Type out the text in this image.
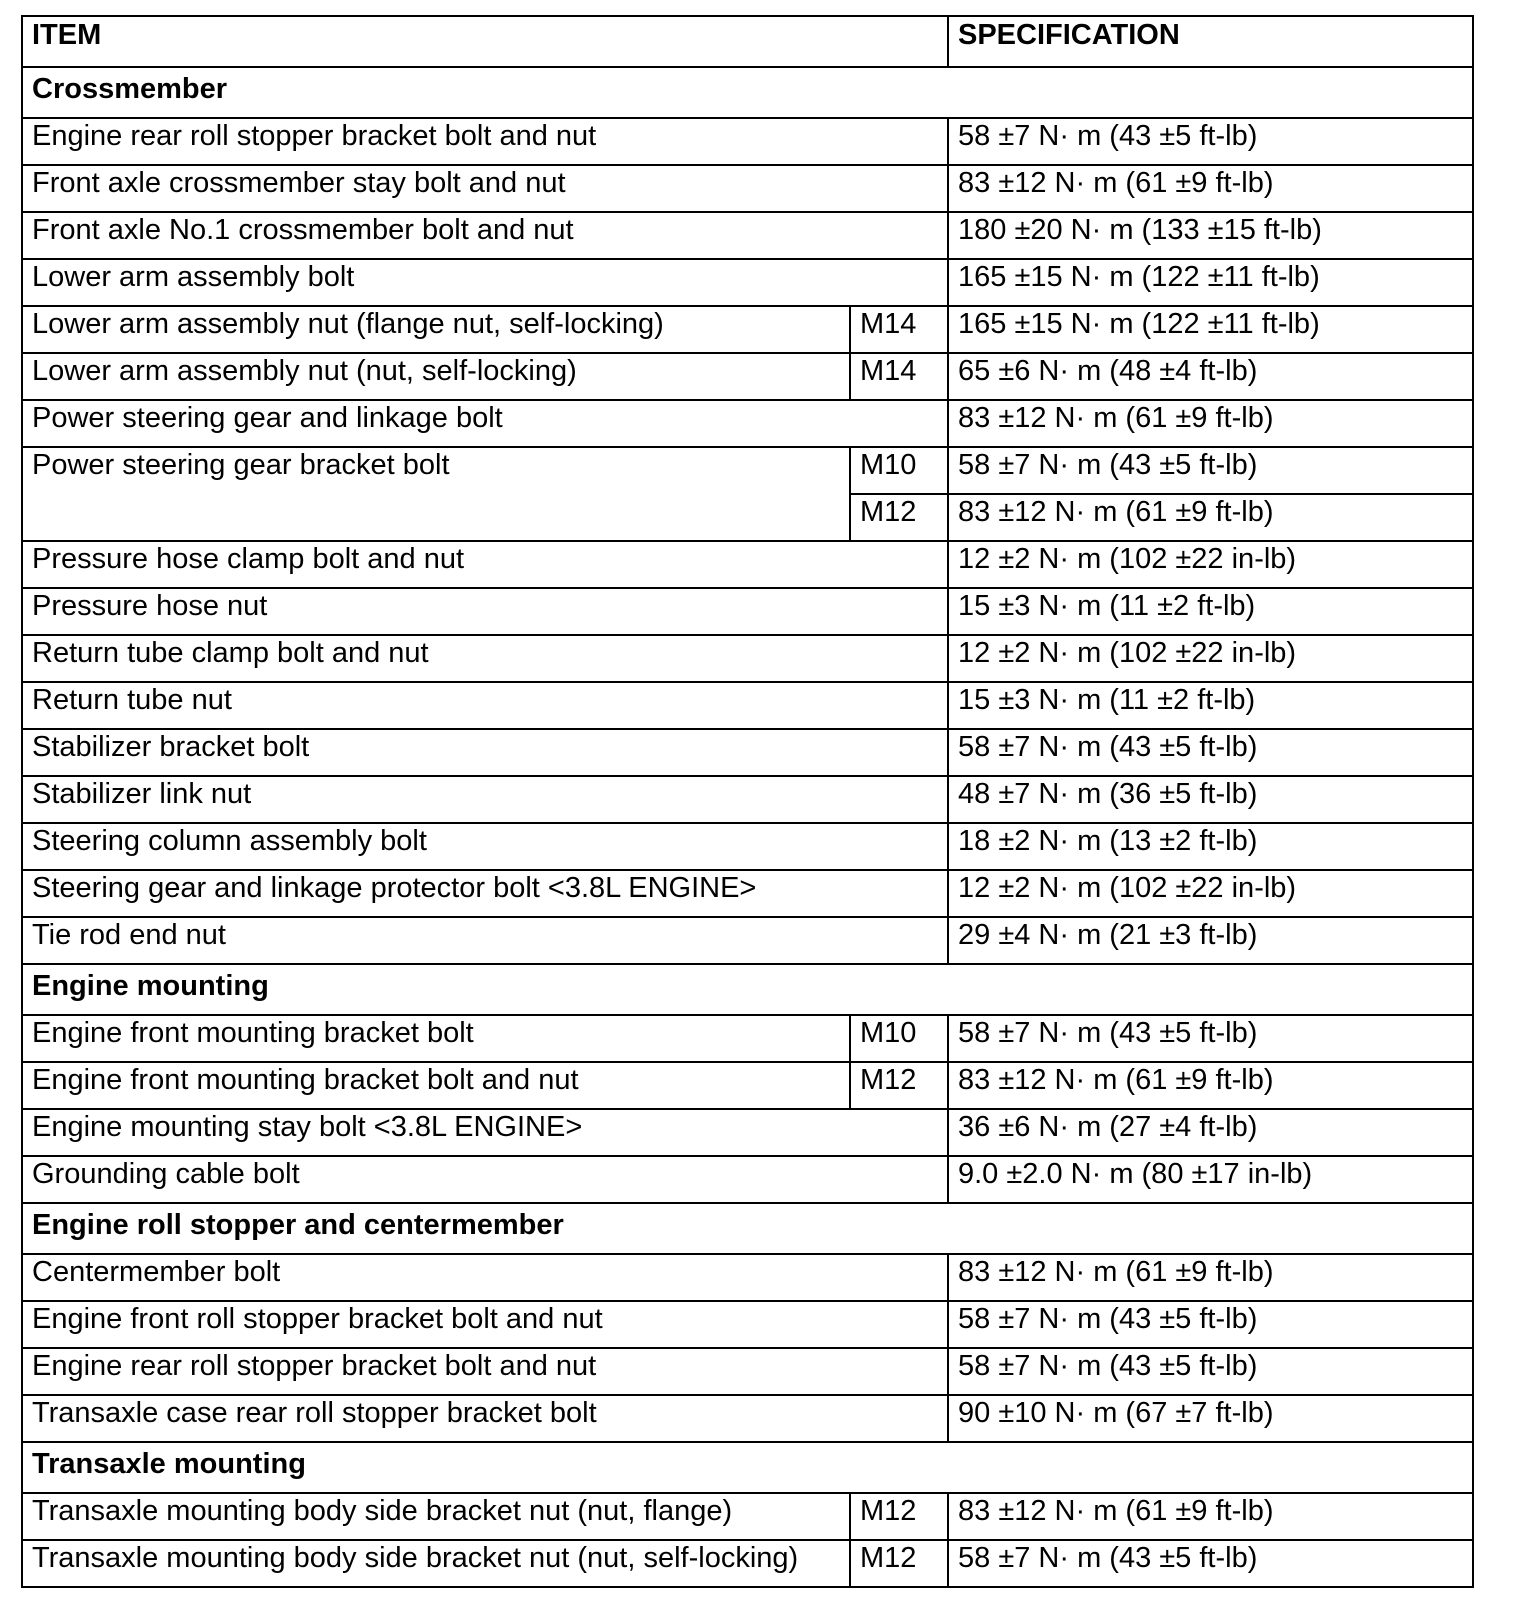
ITEM		SPECIFICATION
Crossmember		
Engine rear roll stopper bracket bolt and nut		58 ±7 N· m (43 ±5 ft-lb)
Front axle crossmember stay bolt and nut		83 ±12 N· m (61 ±9 ft-lb)
Front axle No.1 crossmember bolt and nut		180 ±20 N· m (133 ±15 ft-lb)
Lower arm assembly bolt		165 ±15 N· m (122 ±11 ft-lb)
Lower arm assembly nut (flange nut, self-locking)	M14	165 ±15 N· m (122 ±11 ft-lb)
Lower arm assembly nut (nut, self-locking)	M14	65 ±6 N· m (48 ±4 ft-lb)
Power steering gear and linkage bolt		83 ±12 N· m (61 ±9 ft-lb)
Power steering gear bracket bolt	M10	58 ±7 N· m (43 ±5 ft-lb)
	M12	83 ±12 N· m (61 ±9 ft-lb)
Pressure hose clamp bolt and nut		12 ±2 N· m (102 ±22 in-lb)
Pressure hose nut		15 ±3 N· m (11 ±2 ft-lb)
Return tube clamp bolt and nut		12 ±2 N· m (102 ±22 in-lb)
Return tube nut		15 ±3 N· m (11 ±2 ft-lb)
Stabilizer bracket bolt		58 ±7 N· m (43 ±5 ft-lb)
Stabilizer link nut		48 ±7 N· m (36 ±5 ft-lb)
Steering column assembly bolt		18 ±2 N· m (13 ±2 ft-lb)
Steering gear and linkage protector bolt <3.8L ENGINE>		12 ±2 N· m (102 ±22 in-lb)
Tie rod end nut		29 ±4 N· m (21 ±3 ft-lb)
Engine mounting		
Engine front mounting bracket bolt	M10	58 ±7 N· m (43 ±5 ft-lb)
Engine front mounting bracket bolt and nut	M12	83 ±12 N· m (61 ±9 ft-lb)
Engine mounting stay bolt <3.8L ENGINE>		36 ±6 N· m (27 ±4 ft-lb)
Grounding cable bolt		9.0 ±2.0 N· m (80 ±17 in-lb)
Engine roll stopper and centermember		
Centermember bolt		83 ±12 N· m (61 ±9 ft-lb)
Engine front roll stopper bracket bolt and nut		58 ±7 N· m (43 ±5 ft-lb)
Engine rear roll stopper bracket bolt and nut		58 ±7 N· m (43 ±5 ft-lb)
Transaxle case rear roll stopper bracket bolt		90 ±10 N· m (67 ±7 ft-lb)
Transaxle mounting		
Transaxle mounting body side bracket nut (nut, flange)	M12	83 ±12 N· m (61 ±9 ft-lb)
Transaxle mounting body side bracket nut (nut, self-locking)	M12	58 ±7 N· m (43 ±5 ft-lb)
